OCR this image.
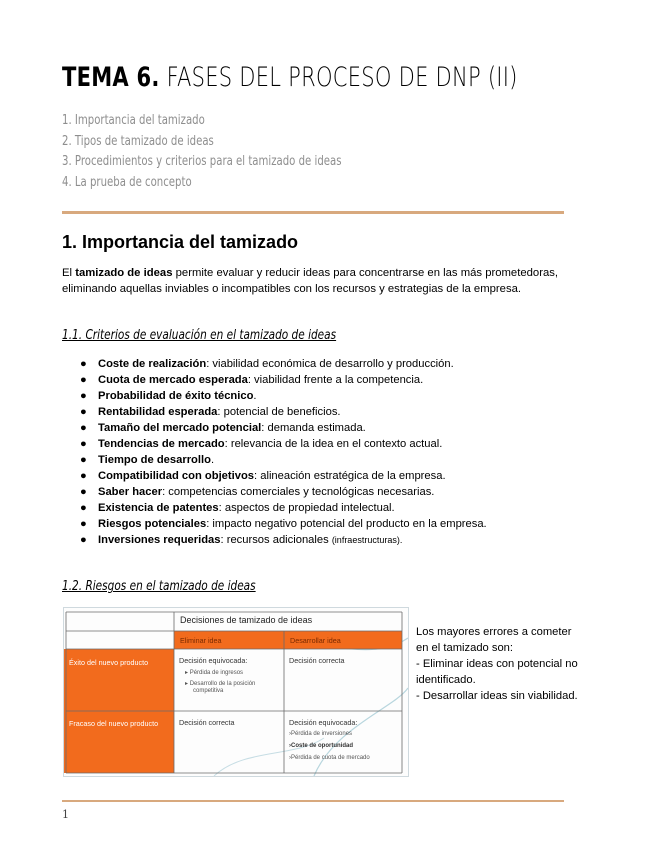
TEMA 6. FASES DEL PROCESO DE DNP (II)
1. Importancia del tamizado
2. Tipos de tamizado de ideas
3. Procedimientos y criterios para el tamizado de ideas
4. La prueba de concepto
1. Importancia del tamizado
El tamizado de ideas permite evaluar y reducir ideas para concentrarse en las más prometedoras, eliminando aquellas inviables o incompatibles con los recursos y estrategias de la empresa.
1.1. Criterios de evaluación en el tamizado de ideas
● Coste de realización: viabilidad económica de desarrollo y producción.
● Cuota de mercado esperada: viabilidad frente a la competencia.
● Probabilidad de éxito técnico.
● Rentabilidad esperada: potencial de beneficios.
● Tamaño del mercado potencial: demanda estimada.
● Tendencias de mercado: relevancia de la idea en el contexto actual.
● Tiempo de desarrollo.
● Compatibilidad con objetivos: alineación estratégica de la empresa.
● Saber hacer: competencias comerciales y tecnológicas necesarias.
● Existencia de patentes: aspectos de propiedad intelectual.
● Riesgos potenciales: impacto negativo potencial del producto en la empresa.
● Inversiones requeridas: recursos adicionales (infraestructuras).
1.2. Riesgos en el tamizado de ideas
Decisiones de tamizado de ideas
Eliminar idea	Desarrollar idea
Éxito del nuevo producto
Fracaso del nuevo producto
Decisión equivocada:
▸ Pérdida de ingresos
▸ Desarrollo de la posición
competitiva
Decisión correcta
Decisión correcta	Decisión equivocada:
›Pérdida de inversiones
›Coste de oportunidad
›Pérdida de cuota de mercado
Los mayores errores a cometer
en el tamizado son:
- Eliminar ideas con potencial no
identificado.
- Desarrollar ideas sin viabilidad.
1
